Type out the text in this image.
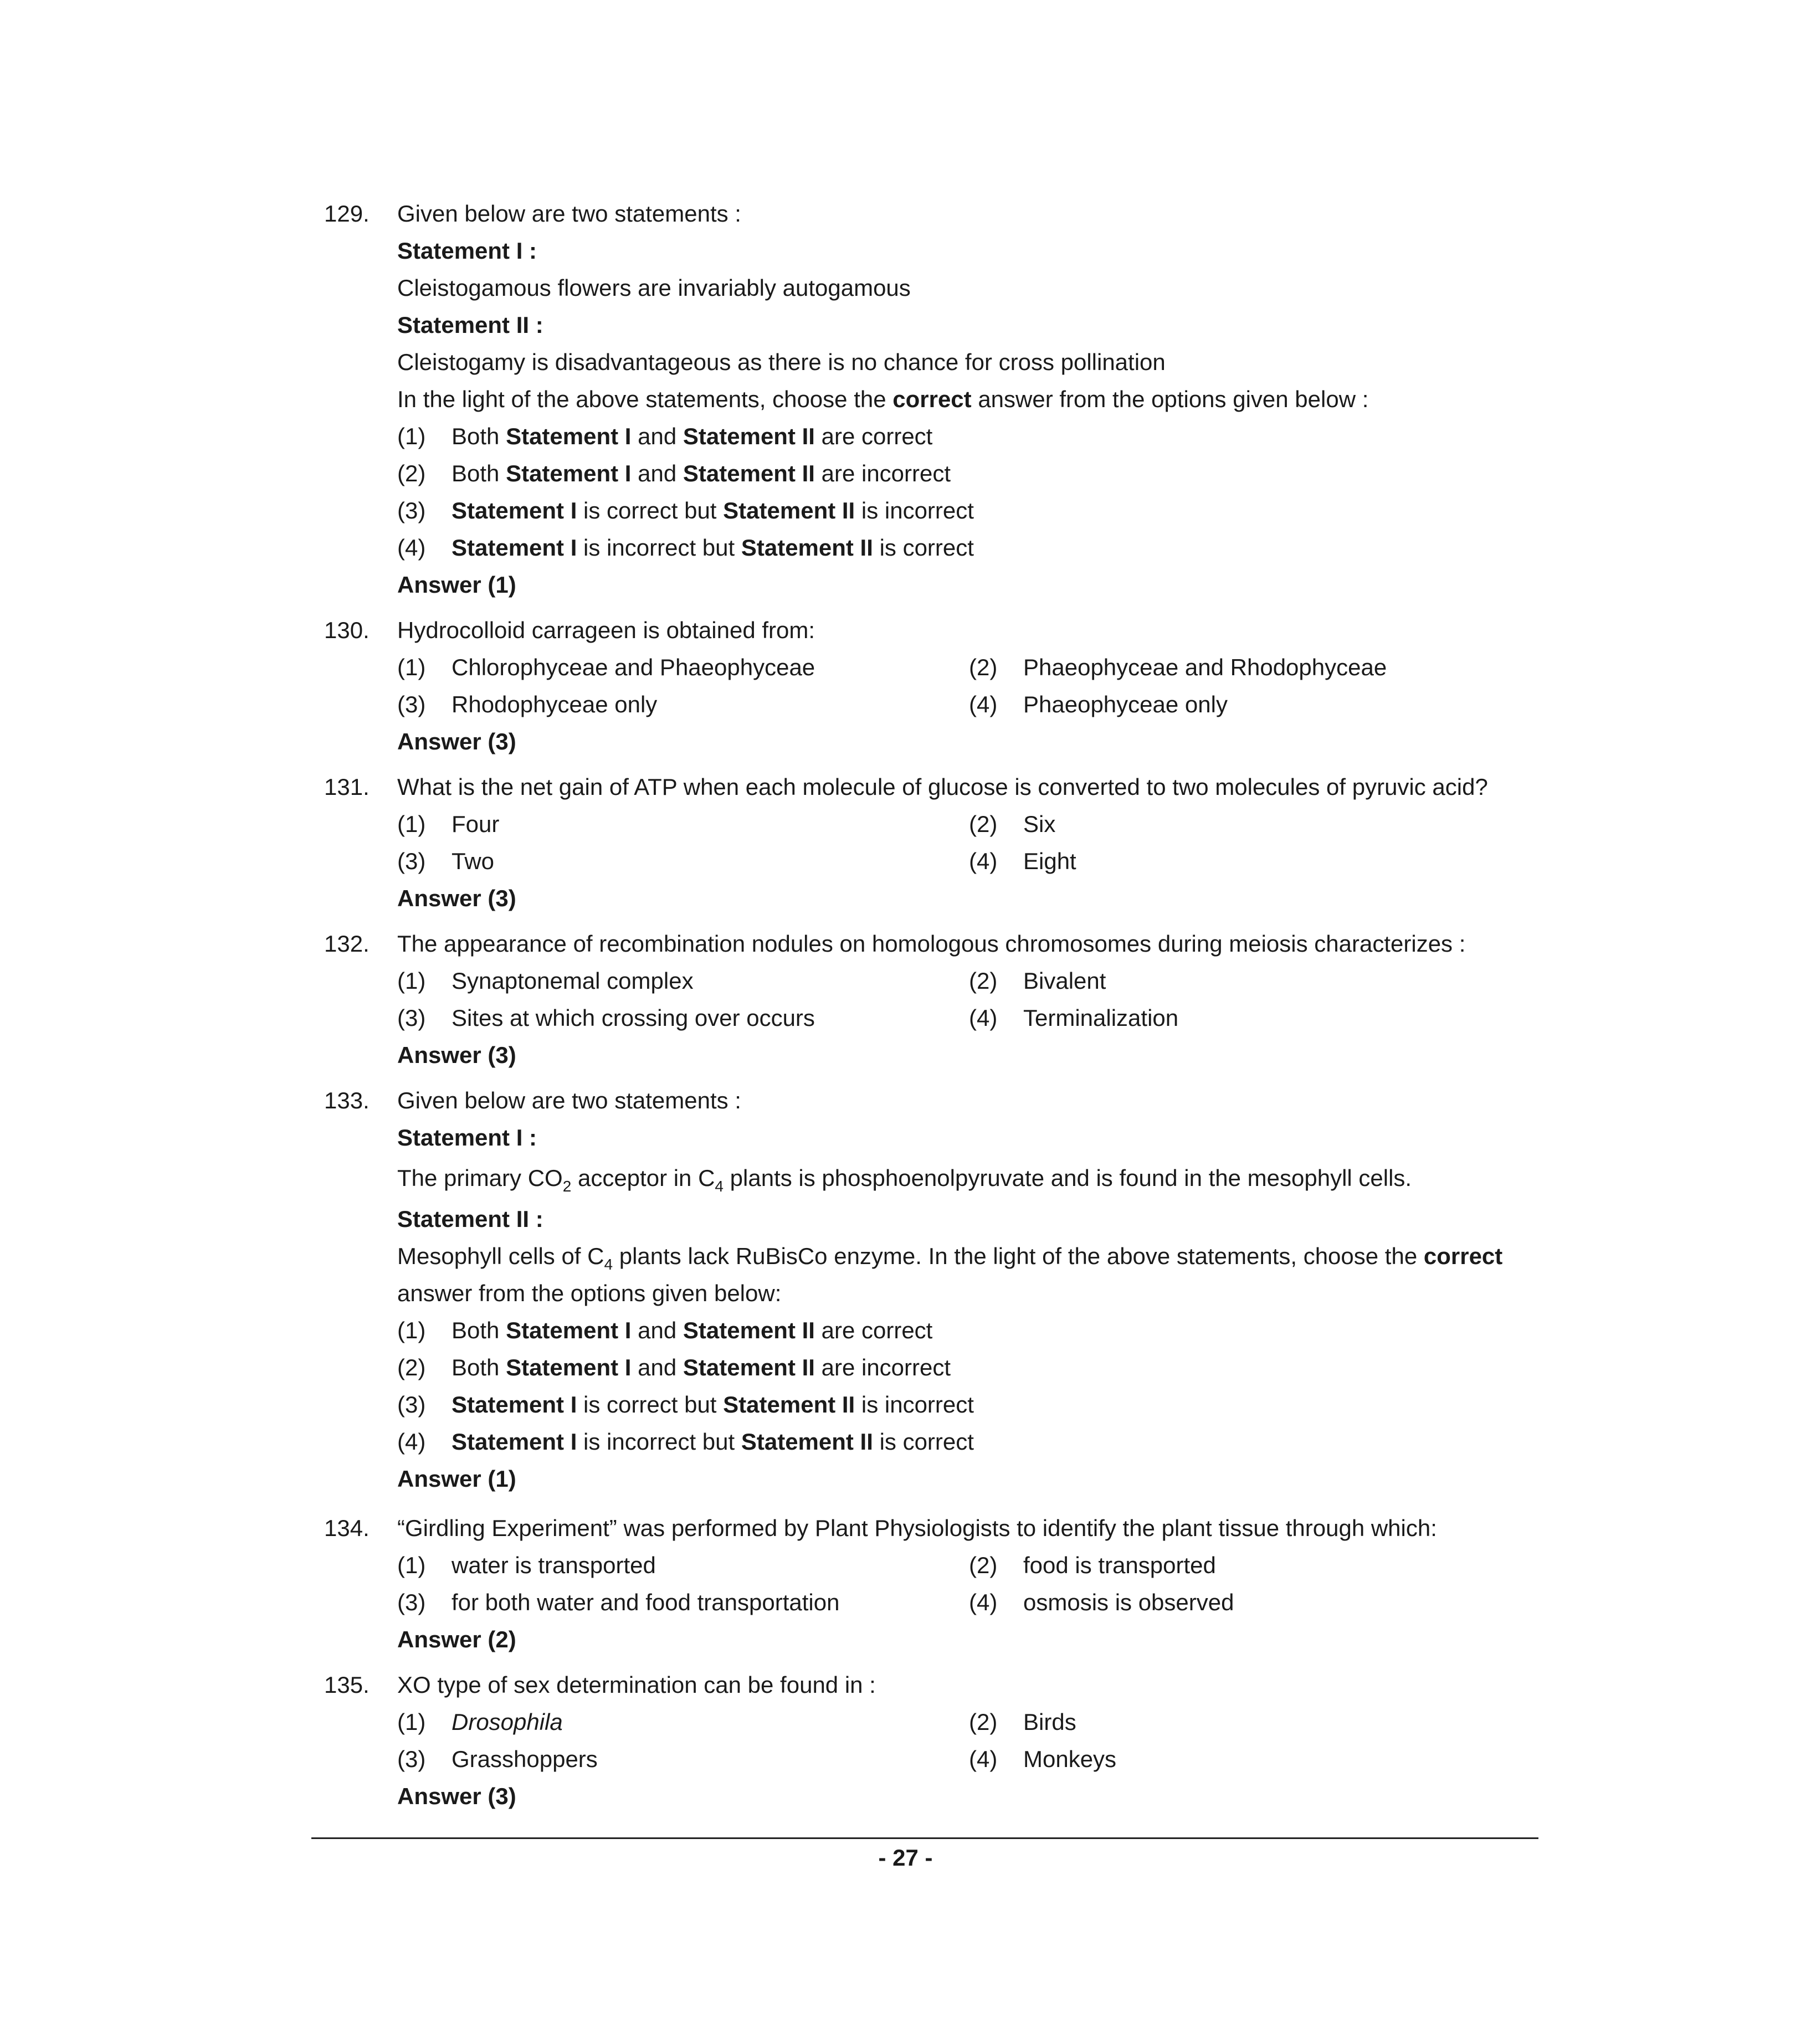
129.	Given below are two statements :
Statement I :
Cleistogamous flowers are invariably autogamous
Statement II :
Cleistogamy is disadvantageous as there is no chance for cross pollination
In the light of the above statements, choose the correct answer from the options given below :
(1) Both Statement I and Statement II are correct
(2) Both Statement I and Statement II are incorrect
(3) Statement I is correct but Statement II is incorrect
(4) Statement I is incorrect but Statement II is correct
Answer (1)
130.	Hydrocolloid carrageen is obtained from:
(1) Chlorophyceae and Phaeophyceae	(2) Phaeophyceae and Rhodophyceae
(3) Rhodophyceae only	(4) Phaeophyceae only
Answer (3)
131.	What is the net gain of ATP when each molecule of glucose is converted to two molecules of pyruvic acid?
(1) Four	(2) Six
(3) Two	(4) Eight
Answer (3)
132.	The appearance of recombination nodules on homologous chromosomes during meiosis characterizes :
(1) Synaptonemal complex	(2) Bivalent
(3) Sites at which crossing over occurs	(4) Terminalization
Answer (3)
133.	Given below are two statements :
Statement I :
The primary $CO_2$ acceptor in $C_4$ plants is phosphoenolpyruvate and is found in the mesophyll cells.
Statement II :
Mesophyll cells of $C_4$ plants lack RuBisCo enzyme. In the light of the above statements, choose the correct
answer from the options given below:
(1) Both Statement I and Statement II are correct
(2) Both Statement I and Statement II are incorrect
(3) Statement I is correct but Statement II is incorrect
(4) Statement I is incorrect but Statement II is correct
Answer (1)
134.	“Girdling Experiment” was performed by Plant Physiologists to identify the plant tissue through which:
(1) water is transported	(2) food is transported
(3) for both water and food transportation	(4) osmosis is observed
Answer (2)
135.	XO type of sex determination can be found in :
(1) Drosophila	(2) Birds
(3) Grasshoppers	(4) Monkeys
Answer (3)
- 27 -
